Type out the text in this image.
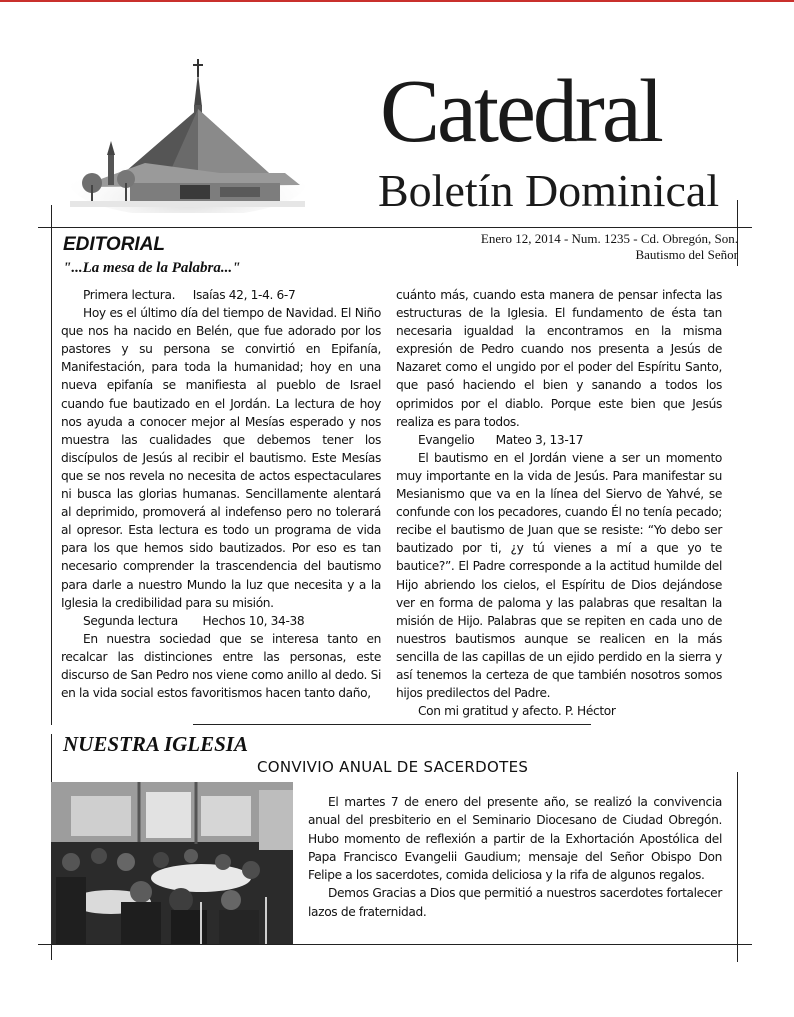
Catedral
Boletín Dominical
Enero 12, 2014 - Num. 1235 - Cd. Obregón, Son.
Bautismo del Señor
EDITORIAL
"...La mesa de la Palabra..."

Primera lectura.     Isaías 42, 1-4. 6-7

Hoy es el último día del tiempo de Navidad. El Niño que nos ha nacido en Belén, que fue adorado por los pastores y su persona se convirtió en Epifanía, Manifestación, para toda la humanidad; hoy en una nueva epifanía se manifiesta al pueblo de Israel cuando fue bautizado en el Jordán. La lectura de hoy nos ayuda a conocer mejor al Mesías esperado y nos muestra las cualidades que debemos tener los discípulos de Jesús al recibir el bautismo. Este Mesías que se nos revela no necesita de actos espectaculares ni busca las glorias humanas. Sencillamente alentará al deprimido, promoverá al indefenso pero no tolerará al opresor. Esta lectura es todo un programa de vida para los que hemos sido bautizados. Por eso es tan necesario comprender la trascendencia del bautismo para darle a nuestro Mundo la luz que necesita y a la Iglesia la credibilidad para su misión.

Segunda lectura       Hechos 10, 34-38

En nuestra sociedad que se interesa tanto en recalcar las distinciones entre las personas, este discurso de San Pedro nos viene como anillo al dedo. Si en la vida social estos favoritismos hacen tanto daño,

cuánto más, cuando esta manera de pensar infecta las estructuras de la Iglesia. El fundamento de ésta tan necesaria igualdad la encontramos en la misma expresión de Pedro cuando nos presenta a Jesús de Nazaret como el ungido por el poder del Espíritu Santo, que pasó haciendo el bien y sanando a todos los oprimidos por el diablo. Porque este bien que Jesús realiza es para todos.

Evangelio      Mateo 3, 13-17

El bautismo en el Jordán viene a ser un momento muy importante en la vida de Jesús. Para manifestar su Mesianismo que va en la línea del Siervo de Yahvé, se confunde con los pecadores, cuando Él no tenía pecado; recibe el bautismo de Juan que se resiste: “Yo debo ser bautizado por ti, ¿y tú vienes a mí a que yo te bautice?”. El Padre corresponde a la actitud humilde del Hijo abriendo los cielos, el Espíritu de Dios dejándose ver en forma de paloma y las palabras que resaltan la misión de Hijo. Palabras que se repiten en cada uno de nuestros bautismos aunque se realicen en la más sencilla de las capillas de un ejido perdido en la sierra y así tenemos la certeza de que también nosotros somos hijos predilectos del Padre.

Con mi gratitud y afecto. P. Héctor

NUESTRA IGLESIA
CONVIVIO ANUAL DE SACERDOTES

El martes 7 de enero del presente año, se realizó la convivencia anual del presbiterio en el Seminario Diocesano de Ciudad Obregón. Hubo momento de reflexión a partir de la Exhortación Apostólica del Papa Francisco Evangelii Gaudium; mensaje del Señor Obispo Don Felipe a los sacerdotes, comida deliciosa y la rifa de algunos regalos.

Demos Gracias a Dios que permitió a nuestros sacerdotes fortalecer lazos de fraternidad.
